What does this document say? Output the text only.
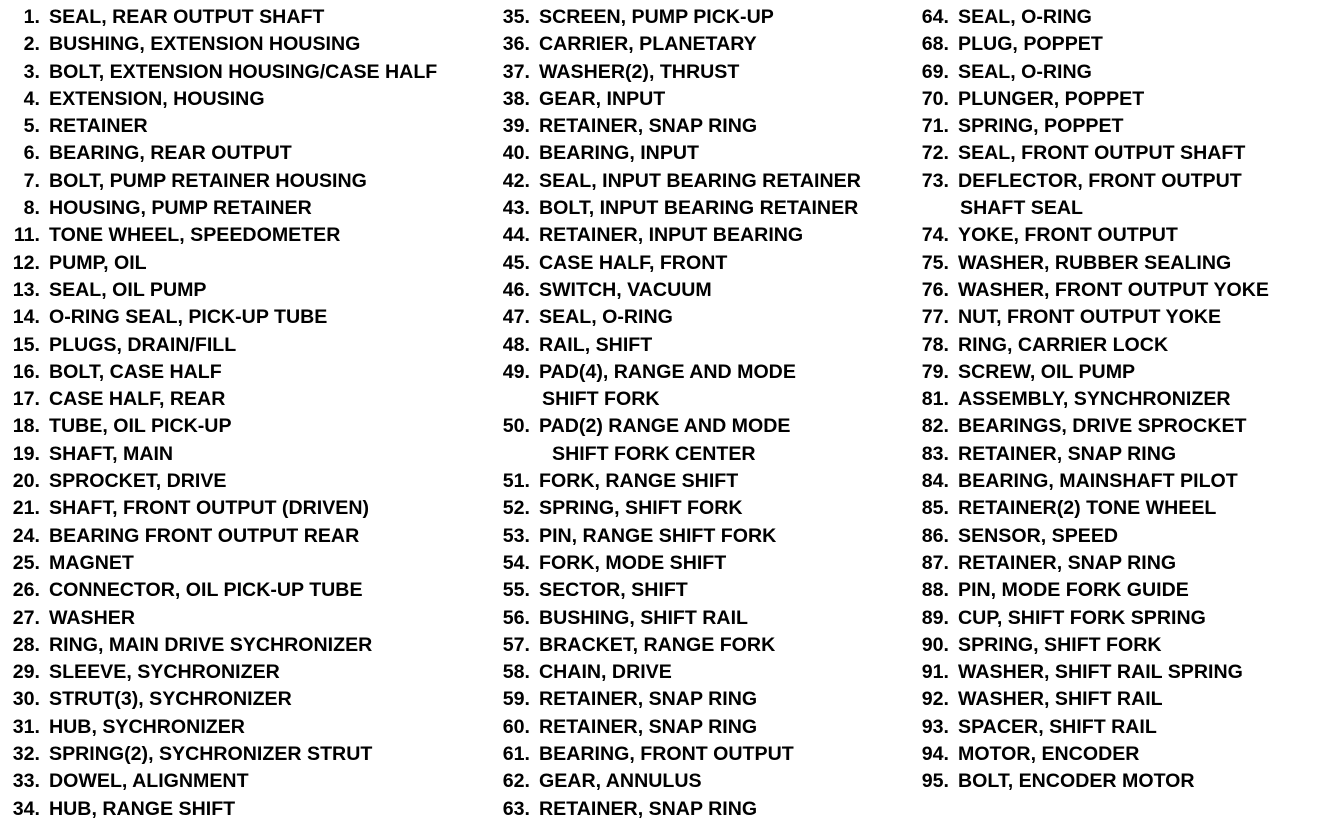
1. SEAL, REAR OUTPUT SHAFT
2. BUSHING, EXTENSION HOUSING
3. BOLT, EXTENSION HOUSING/CASE HALF
4. EXTENSION, HOUSING
5. RETAINER
6. BEARING, REAR OUTPUT
7. BOLT, PUMP RETAINER HOUSING
8. HOUSING, PUMP RETAINER
11. TONE WHEEL, SPEEDOMETER
12. PUMP, OIL
13. SEAL, OIL PUMP
14. O-RING SEAL, PICK-UP TUBE
15. PLUGS, DRAIN/FILL
16. BOLT, CASE HALF
17. CASE HALF, REAR
18. TUBE, OIL PICK-UP
19. SHAFT, MAIN
20. SPROCKET, DRIVE
21. SHAFT, FRONT OUTPUT (DRIVEN)
24. BEARING FRONT OUTPUT REAR
25. MAGNET
26. CONNECTOR, OIL PICK-UP TUBE
27. WASHER
28. RING, MAIN DRIVE SYCHRONIZER
29. SLEEVE, SYCHRONIZER
30. STRUT(3), SYCHRONIZER
31. HUB, SYCHRONIZER
32. SPRING(2), SYCHRONIZER STRUT
33. DOWEL, ALIGNMENT
34. HUB, RANGE SHIFT
35. SCREEN, PUMP PICK-UP
36. CARRIER, PLANETARY
37. WASHER(2), THRUST
38. GEAR, INPUT
39. RETAINER, SNAP RING
40. BEARING, INPUT
42. SEAL, INPUT BEARING RETAINER
43. BOLT, INPUT BEARING RETAINER
44. RETAINER, INPUT BEARING
45. CASE HALF, FRONT
46. SWITCH, VACUUM
47. SEAL, O-RING
48. RAIL, SHIFT
49. PAD(4), RANGE AND MODE
SHIFT FORK
50. PAD(2) RANGE AND MODE
SHIFT FORK CENTER
51. FORK, RANGE SHIFT
52. SPRING, SHIFT FORK
53. PIN, RANGE SHIFT FORK
54. FORK, MODE SHIFT
55. SECTOR, SHIFT
56. BUSHING, SHIFT RAIL
57. BRACKET, RANGE FORK
58. CHAIN, DRIVE
59. RETAINER, SNAP RING
60. RETAINER, SNAP RING
61. BEARING, FRONT OUTPUT
62. GEAR, ANNULUS
63. RETAINER, SNAP RING
64. SEAL, O-RING
68. PLUG, POPPET
69. SEAL, O-RING
70. PLUNGER, POPPET
71. SPRING, POPPET
72. SEAL, FRONT OUTPUT SHAFT
73. DEFLECTOR, FRONT OUTPUT
SHAFT SEAL
74. YOKE, FRONT OUTPUT
75. WASHER, RUBBER SEALING
76. WASHER, FRONT OUTPUT YOKE
77. NUT, FRONT OUTPUT YOKE
78. RING, CARRIER LOCK
79. SCREW, OIL PUMP
81. ASSEMBLY, SYNCHRONIZER
82. BEARINGS, DRIVE SPROCKET
83. RETAINER, SNAP RING
84. BEARING, MAINSHAFT PILOT
85. RETAINER(2) TONE WHEEL
86. SENSOR, SPEED
87. RETAINER, SNAP RING
88. PIN, MODE FORK GUIDE
89. CUP, SHIFT FORK SPRING
90. SPRING, SHIFT FORK
91. WASHER, SHIFT RAIL SPRING
92. WASHER, SHIFT RAIL
93. SPACER, SHIFT RAIL
94. MOTOR, ENCODER
95. BOLT, ENCODER MOTOR
